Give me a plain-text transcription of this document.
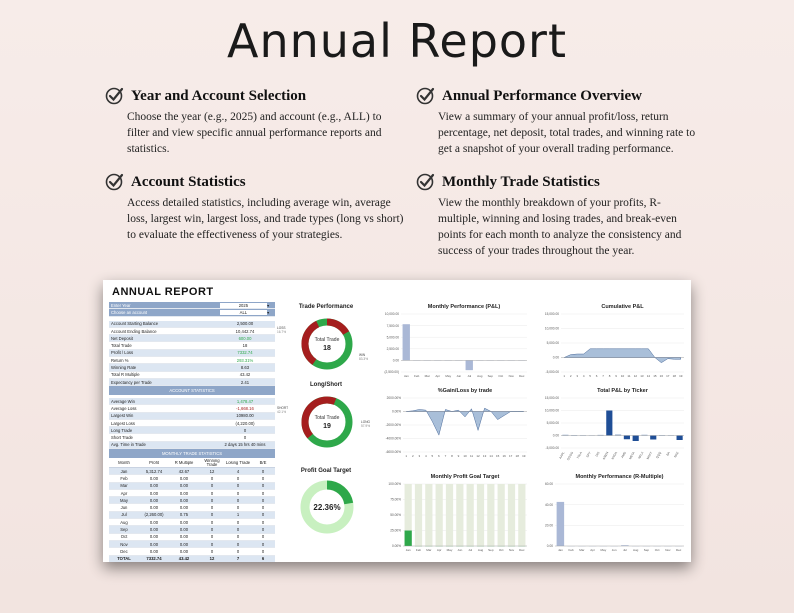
Annual Report
Year and Account Selection
Choose the year (e.g., 2025) and account (e.g., ALL) to filter and view specific annual performance reports and statistics.
Annual Performance Overview
View a summary of your annual profit/loss, return percentage, net deposit, total trades, and winning rate to get a snapshot of your overall trading performance.
Account Statistics
Access detailed statistics, including average win, average loss, largest win, largest loss, and trade types (long vs short) to evaluate the effectiveness of your strategies.
Monthly Trade Statistics
View the monthly breakdown of your profits, R-multiple, winning and losing trades, and break-even points for each month to analyze the consistency and success of your trades throughout the year.
ANNUAL REPORT
Enter Year	2025	▾
Choose an account	ALL	▾
Account Starting Balance	2,500.00
Account Ending Balance	10,442.74
Net Deposit	600.00
Total Trade	18
Profit / Loss	7332.74
Return %	293.31%
Winning Rate	8.63
Total R Multiple	43.42
Expectancy per Trade	2.41
ACCOUNT STATISTICS
Average Win	1,478.47
Average Loss	-1,668.16
Largest Win	10980.00
Largest Loss	(4,220.00)
Long Trade	0
Short Trade	0
Avg. Time in Trade	2 days 15 hrs 40 mins
MONTHLY TRADE STATISTICS
Month	Profit	R Multiple	Winning Trade	Losing Trade	B/E
Jan	5,312.74	42.67	12	4	0
Feb	0.00	0.00	0	0	0
Mar	0.00	0.00	0	0	0
Apr	0.00	0.00	0	0	0
May	0.00	0.00	0	0	0
Jun	0.00	0.00	0	0	0
Jul	(2,260.00)	0.75	0	1	0
Aug	0.00	0.00	0	0	0
Sep	0.00	0.00	0	0	0
Oct	0.00	0.00	0	0	0
Nov	0.00	0.00	0	0	0
Dec	0.00	0.00	0	0	0
TOTAL	7332.74	43.42	12	7	6
Trade Performance
Total Trade
18
LOSS
16.7%
WIN
83.3%
Long/Short
Total Trade
19
SHORT
42.1%
LONG
57.9%
Profit Goal Target
22.36%
Monthly Performance (P&L)
10,000.00
7,500.00
5,000.00
2,500.00
0.00
(2,500.00)
Jan Feb Mar Apr May Jun Jul Aug Sep Oct Nov Dec
Cumulative P&L
15,000.00
10,000.00
5,000.00
0.00
-5,000.00
1 2 3 4 5 6 7 8 9 10 11 12 13 14 15 16 17 18 19
%Gain/Loss by trade
2000.00%
0.00%
-2000.00%
-4000.00%
-6000.00%
1 2 3 4 5 6 7 8 9 10 11 12 13 14 15 16 17 18 19
Total P&L by Ticker
15,000.00
10,000.00
5,000.00
0.00
-5,000.00
AAPL GOOG TSLA SPY DIS AMZN NVDA AMD META NFLX MSFT QQQ BA NKE
Monthly Profit Goal Target
100.00%
75.00%
50.00%
25.00%
0.00%
Jan Feb Mar Apr May Jun Jul Aug Sep Oct Nov Dec
Monthly Performance (R-Multiple)
60.00
40.00
20.00
0.00
Jan Feb Mar Apr May Jun Jul Aug Sep Oct Nov Dec
